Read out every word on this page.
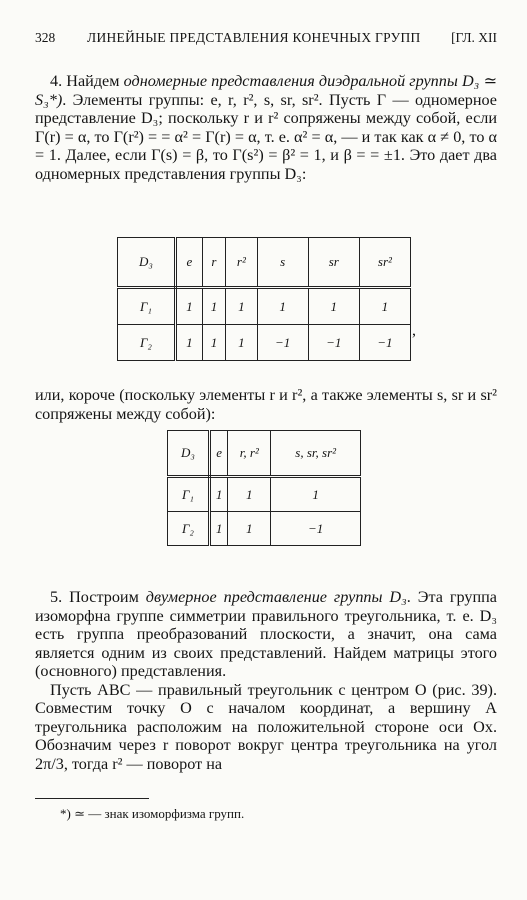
328 ЛИНЕЙНЫЕ ПРЕДСТАВЛЕНИЯ КОНЕЧНЫХ ГРУПП [ГЛ. XII

4. Найдем одномерные представления диэдральной группы D₃ ≃ S₃*). Элементы группы: e, r, r², s, sr, sr². Пусть Γ — одномерное представление D₃; поскольку r и r² сопряжены между собой, если Γ(r) = α, то Γ(r²) = = α² = Γ(r) = α, т. е. α² = α, — и так как α ≠ 0, то α = 1. Далее, если Γ(s) = β, то Γ(s²) = β² = 1, и β = = ±1. Это дает два одномерных представления группы D₃:

D₃	e	r	r²	s	sr	sr²
Γ₁	1	1	1	1	1	1
Γ₂	1	1	1	−1	−1	−1
,

или, короче (поскольку элементы r и r², а также элементы s, sr и sr² сопряжены между собой):

D₃	e	r, r²	s, sr, sr²
Γ₁	1	1	1
Γ₂	1	1	−1

5. Построим двумерное представление группы D₃. Эта группа изоморфна группе симметрии правильного треугольника, т. е. D₃ есть группа преобразований плоскости, а значит, она сама является одним из своих представлений. Найдем матрицы этого (основного) представления.

Пусть ABC — правильный треугольник с центром O (рис. 39). Совместим точку O с началом координат, а вершину A треугольника расположим на положительной стороне оси Ox. Обозначим через r поворот вокруг центра треугольника на угол 2π/3, тогда r² — поворот на

*) ≃ — знак изоморфизма групп.
